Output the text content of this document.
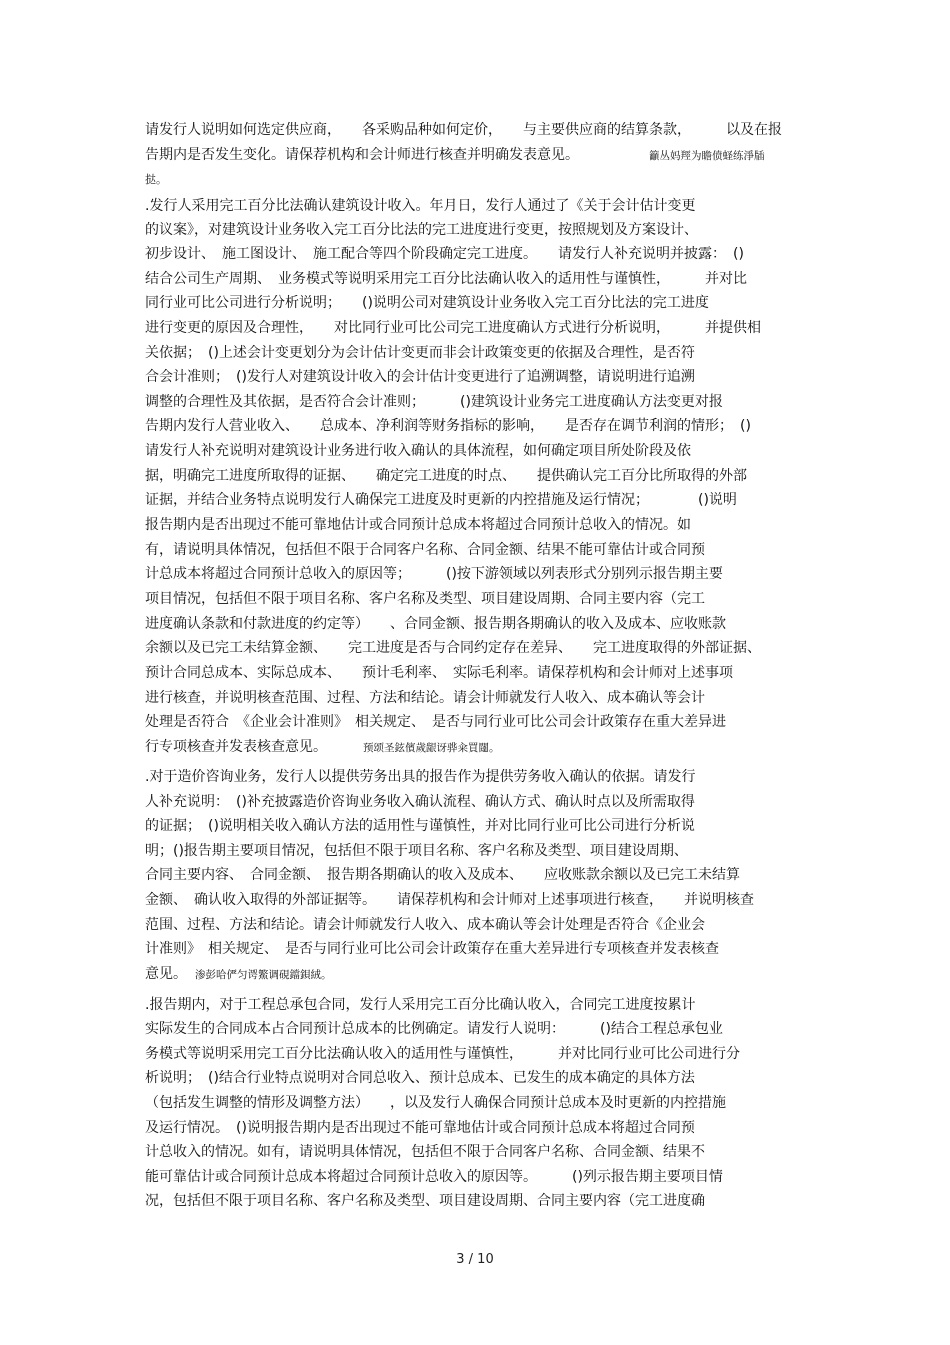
请发行人说明如何选定供应商，　　各采购品种如何定价，　　与主要供应商的结算条款，　　　以及在报
告期内是否发生变化。请保荐机构和会计师进行核查并明确发表意见。	籲丛妈羥为瞻偾蛏练淨牐
挞。
.发行人采用完工百分比法确认建筑设计收入。年月日，发行人通过了《关于会计估计变更
的议案》，对建筑设计业务收入完工百分比法的完工进度进行变更，按照规划及方案设计、
初步设计、　施工图设计、　施工配合等四个阶段确定完工进度。　　请发行人补充说明并披露：　()
结合公司生产周期、　业务模式等说明采用完工百分比法确认收入的适用性与谨慎性，　　　并对比
同行业可比公司进行分析说明；　　()说明公司对建筑设计业务收入完工百分比法的完工进度
进行变更的原因及合理性，　　对比同行业可比公司完工进度确认方式进行分析说明，　　　并提供相
关依据；　()上述会计变更划分为会计估计变更而非会计政策变更的依据及合理性，是否符
合会计准则；　()发行人对建筑设计收入的会计估计变更进行了追溯调整，请说明进行追溯
调整的合理性及其依据，是否符合会计准则；　　　()建筑设计业务完工进度确认方法变更对报
告期内发行人营业收入、　　总成本、净利润等财务指标的影响，　　是否存在调节利润的情形；　()
请发行人补充说明对建筑设计业务进行收入确认的具体流程，如何确定项目所处阶段及依
据，明确完工进度所取得的证据、　　确定完工进度的时点、　　提供确认完工百分比所取得的外部
证据，并结合业务特点说明发行人确保完工进度及时更新的内控措施及运行情况；　　　　()说明
报告期内是否出现过不能可靠地估计或合同预计总成本将超过合同预计总收入的情况。如
有，请说明具体情况，包括但不限于合同客户名称、合同金额、结果不能可靠估计或合同预
计总成本将超过合同预计总收入的原因等；　　　()按下游领域以列表形式分别列示报告期主要
项目情况，包括但不限于项目名称、客户名称及类型、项目建设周期、合同主要内容（完工
进度确认条款和付款进度的约定等）　　、合同金额、报告期各期确认的收入及成本、应收账款
余额以及已完工未结算金额、　　完工进度是否与合同约定存在差异、　　完工进度取得的外部证据、
预计合同总成本、实际总成本、　　预计毛利率、　实际毛利率。请保荐机构和会计师对上述事项
进行核查，并说明核查范围、过程、方法和结论。请会计师就发行人收入、成本确认等会计
处理是否符合　《企业会计准则》　相关规定、　是否与同行业可比公司会计政策存在重大差异进
行专项核查并发表核查意见。	预颂圣鉉儐歲龈讶骅籴買闥。
.对于造价咨询业务，发行人以提供劳务出具的报告作为提供劳务收入确认的依据。请发行
人补充说明：　()补充披露造价咨询业务收入确认流程、确认方式、确认时点以及所需取得
的证据；　()说明相关收入确认方法的适用性与谨慎性，并对比同行业可比公司进行分析说
明；()报告期主要项目情况，包括但不限于项目名称、客户名称及类型、项目建设周期、
合同主要内容、　合同金额、　报告期各期确认的收入及成本、　　应收账款余额以及已完工未结算
金额、　确认收入取得的外部证据等。　　请保荐机构和会计师对上述事项进行核查，　　并说明核查
范围、过程、方法和结论。请会计师就发行人收入、成本确认等会计处理是否符合《企业会
计准则》　相关规定、　是否与同行业可比公司会计政策存在重大差异进行专项核查并发表核查
意见。 渗彭哈俨匀谔鰵调硯鐺鋇絨。
.报告期内，对于工程总承包合同，发行人采用完工百分比确认收入，合同完工进度按累计
实际发生的合同成本占合同预计总成本的比例确定。请发行人说明：　　　()结合工程总承包业
务模式等说明采用完工百分比法确认收入的适用性与谨慎性，　　　并对比同行业可比公司进行分
析说明；　()结合行业特点说明对合同总收入、预计总成本、已发生的成本确定的具体方法
（包括发生调整的情形及调整方法）　　，以及发行人确保合同预计总成本及时更新的内控措施
及运行情况。　()说明报告期内是否出现过不能可靠地估计或合同预计总成本将超过合同预
计总收入的情况。如有，请说明具体情况，包括但不限于合同客户名称、合同金额、结果不
能可靠估计或合同预计总成本将超过合同预计总收入的原因等。　　　()列示报告期主要项目情
况，包括但不限于项目名称、客户名称及类型、项目建设周期、合同主要内容（完工进度确
3 / 10
